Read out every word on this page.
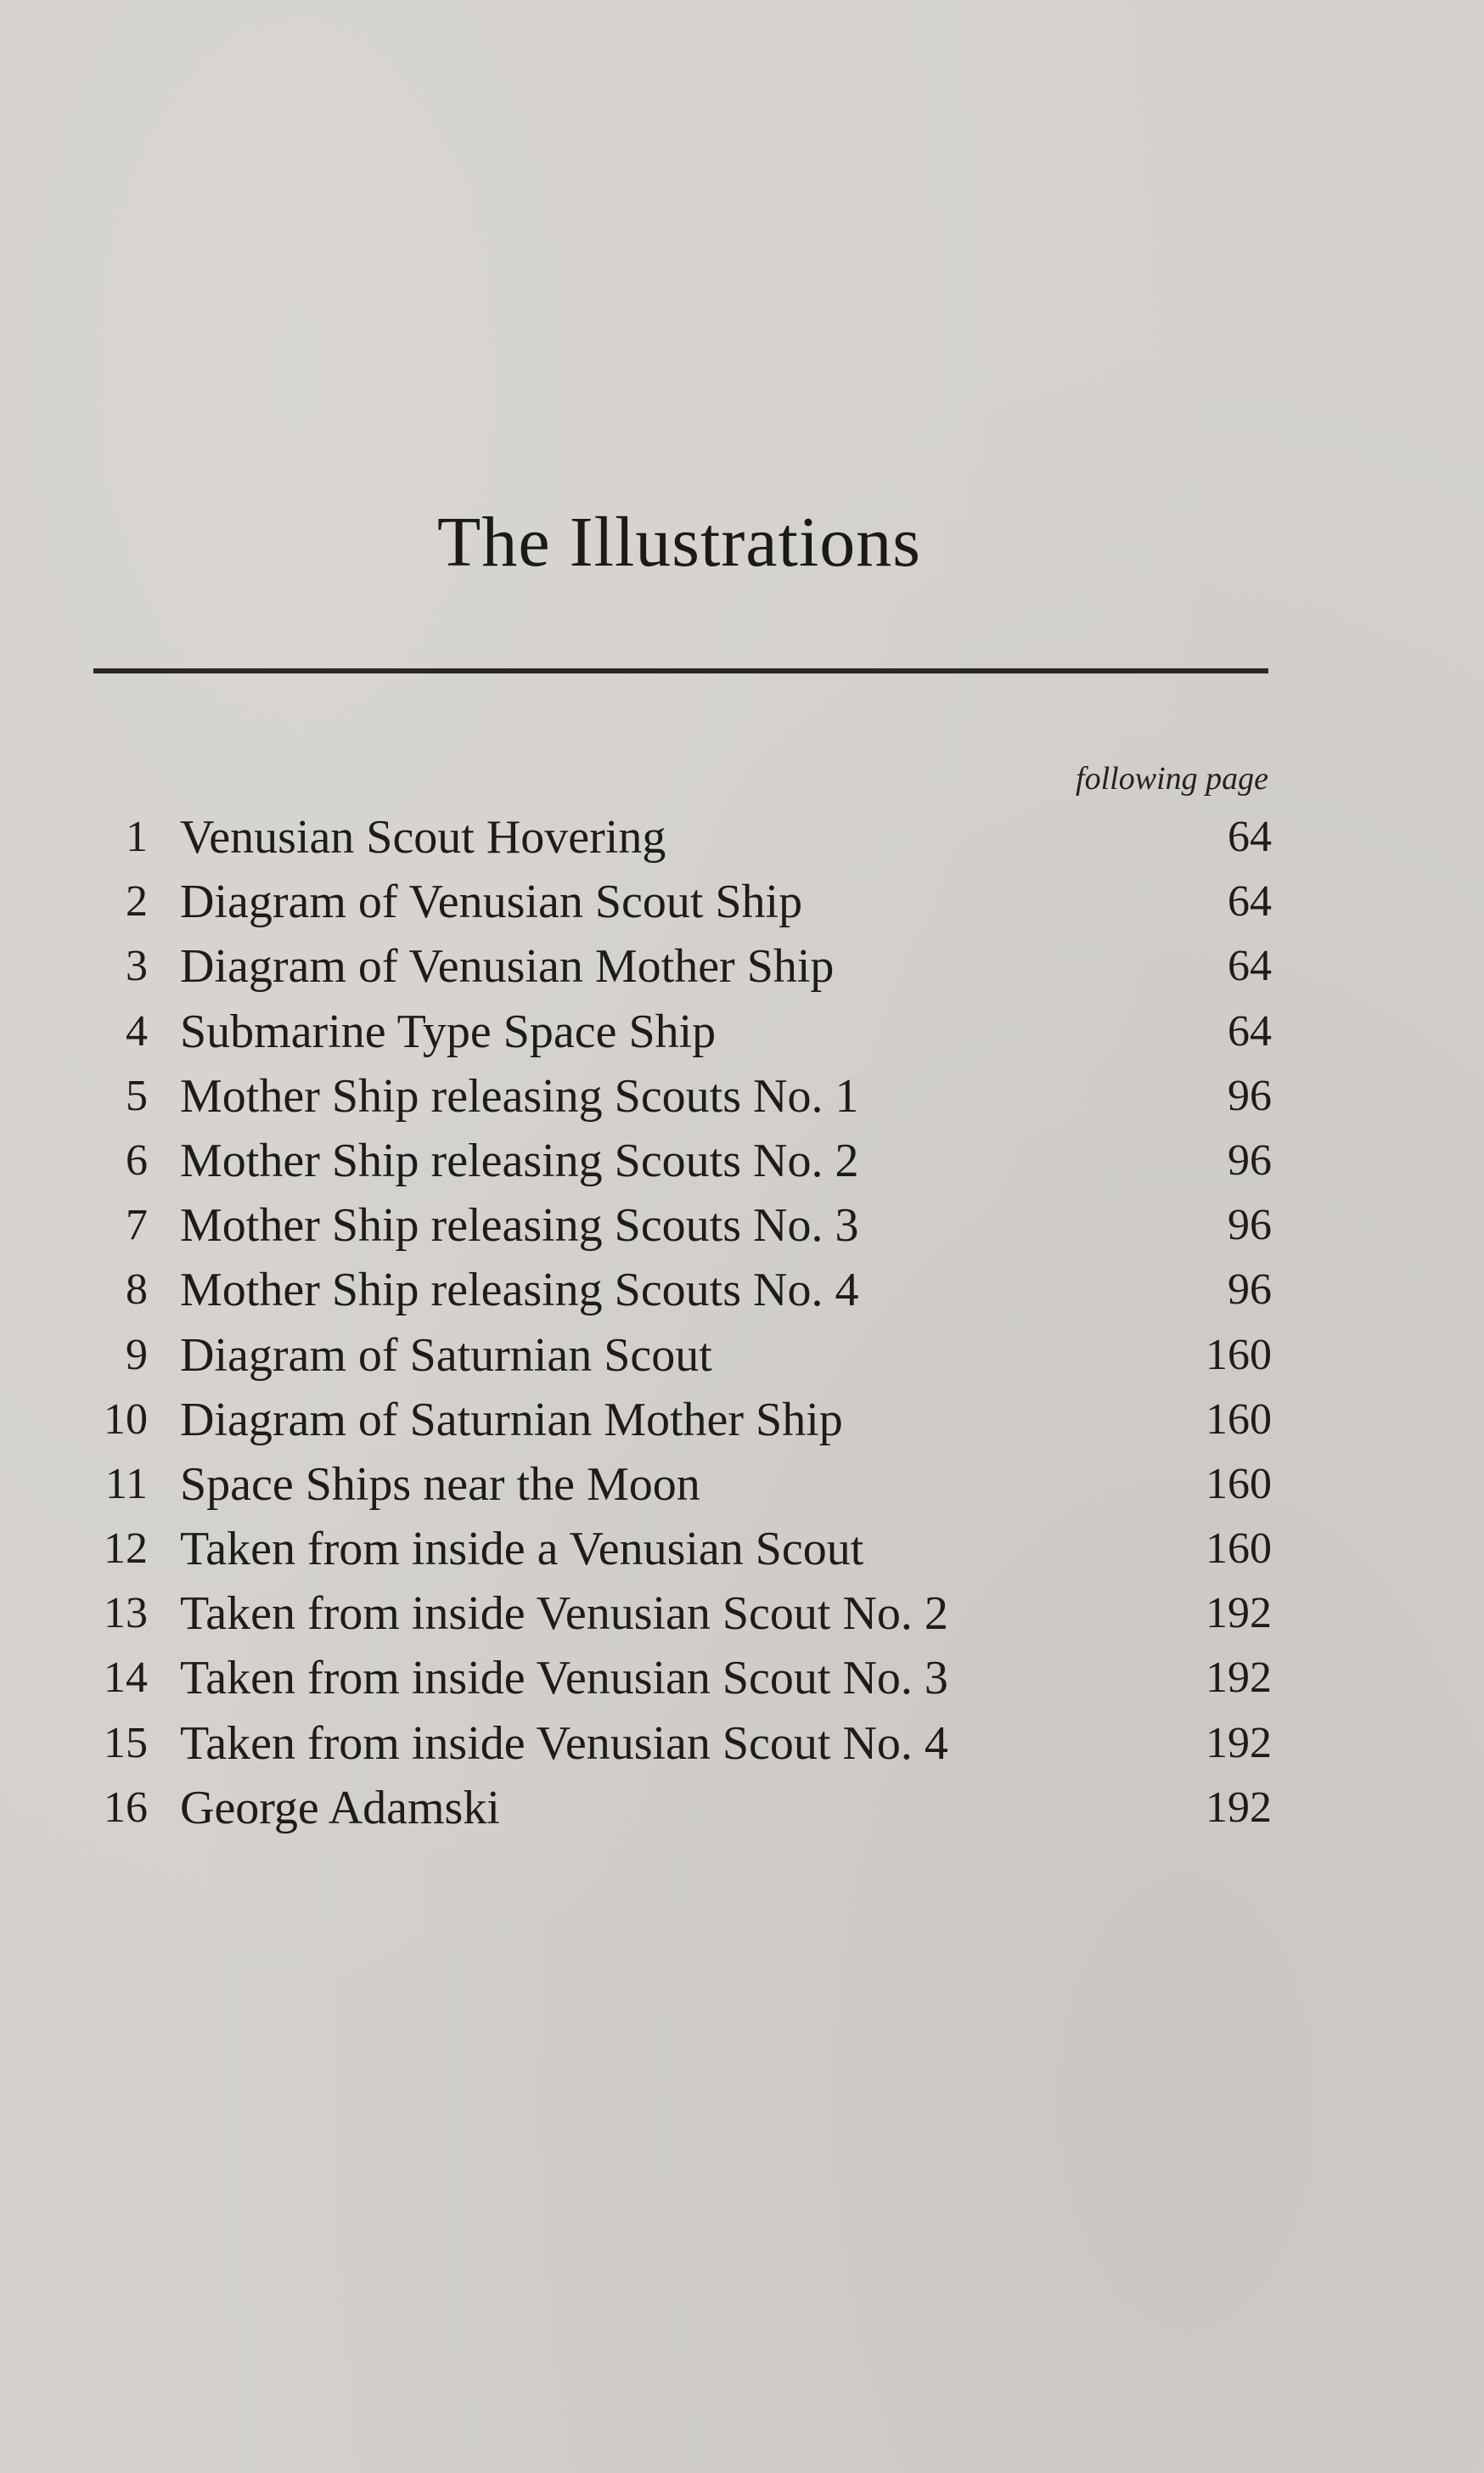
The Illustrations
following page
1 Venusian Scout Hovering	64
2 Diagram of Venusian Scout Ship	64
3 Diagram of Venusian Mother Ship	64
4 Submarine Type Space Ship	64
5 Mother Ship releasing Scouts No. 1	96
6 Mother Ship releasing Scouts No. 2	96
7 Mother Ship releasing Scouts No. 3	96
8 Mother Ship releasing Scouts No. 4	96
9 Diagram of Saturnian Scout	160
10 Diagram of Saturnian Mother Ship	160
11 Space Ships near the Moon	160
12 Taken from inside a Venusian Scout	160
13 Taken from inside Venusian Scout No. 2	192
14 Taken from inside Venusian Scout No. 3	192
15 Taken from inside Venusian Scout No. 4	192
16 George Adamski	192
